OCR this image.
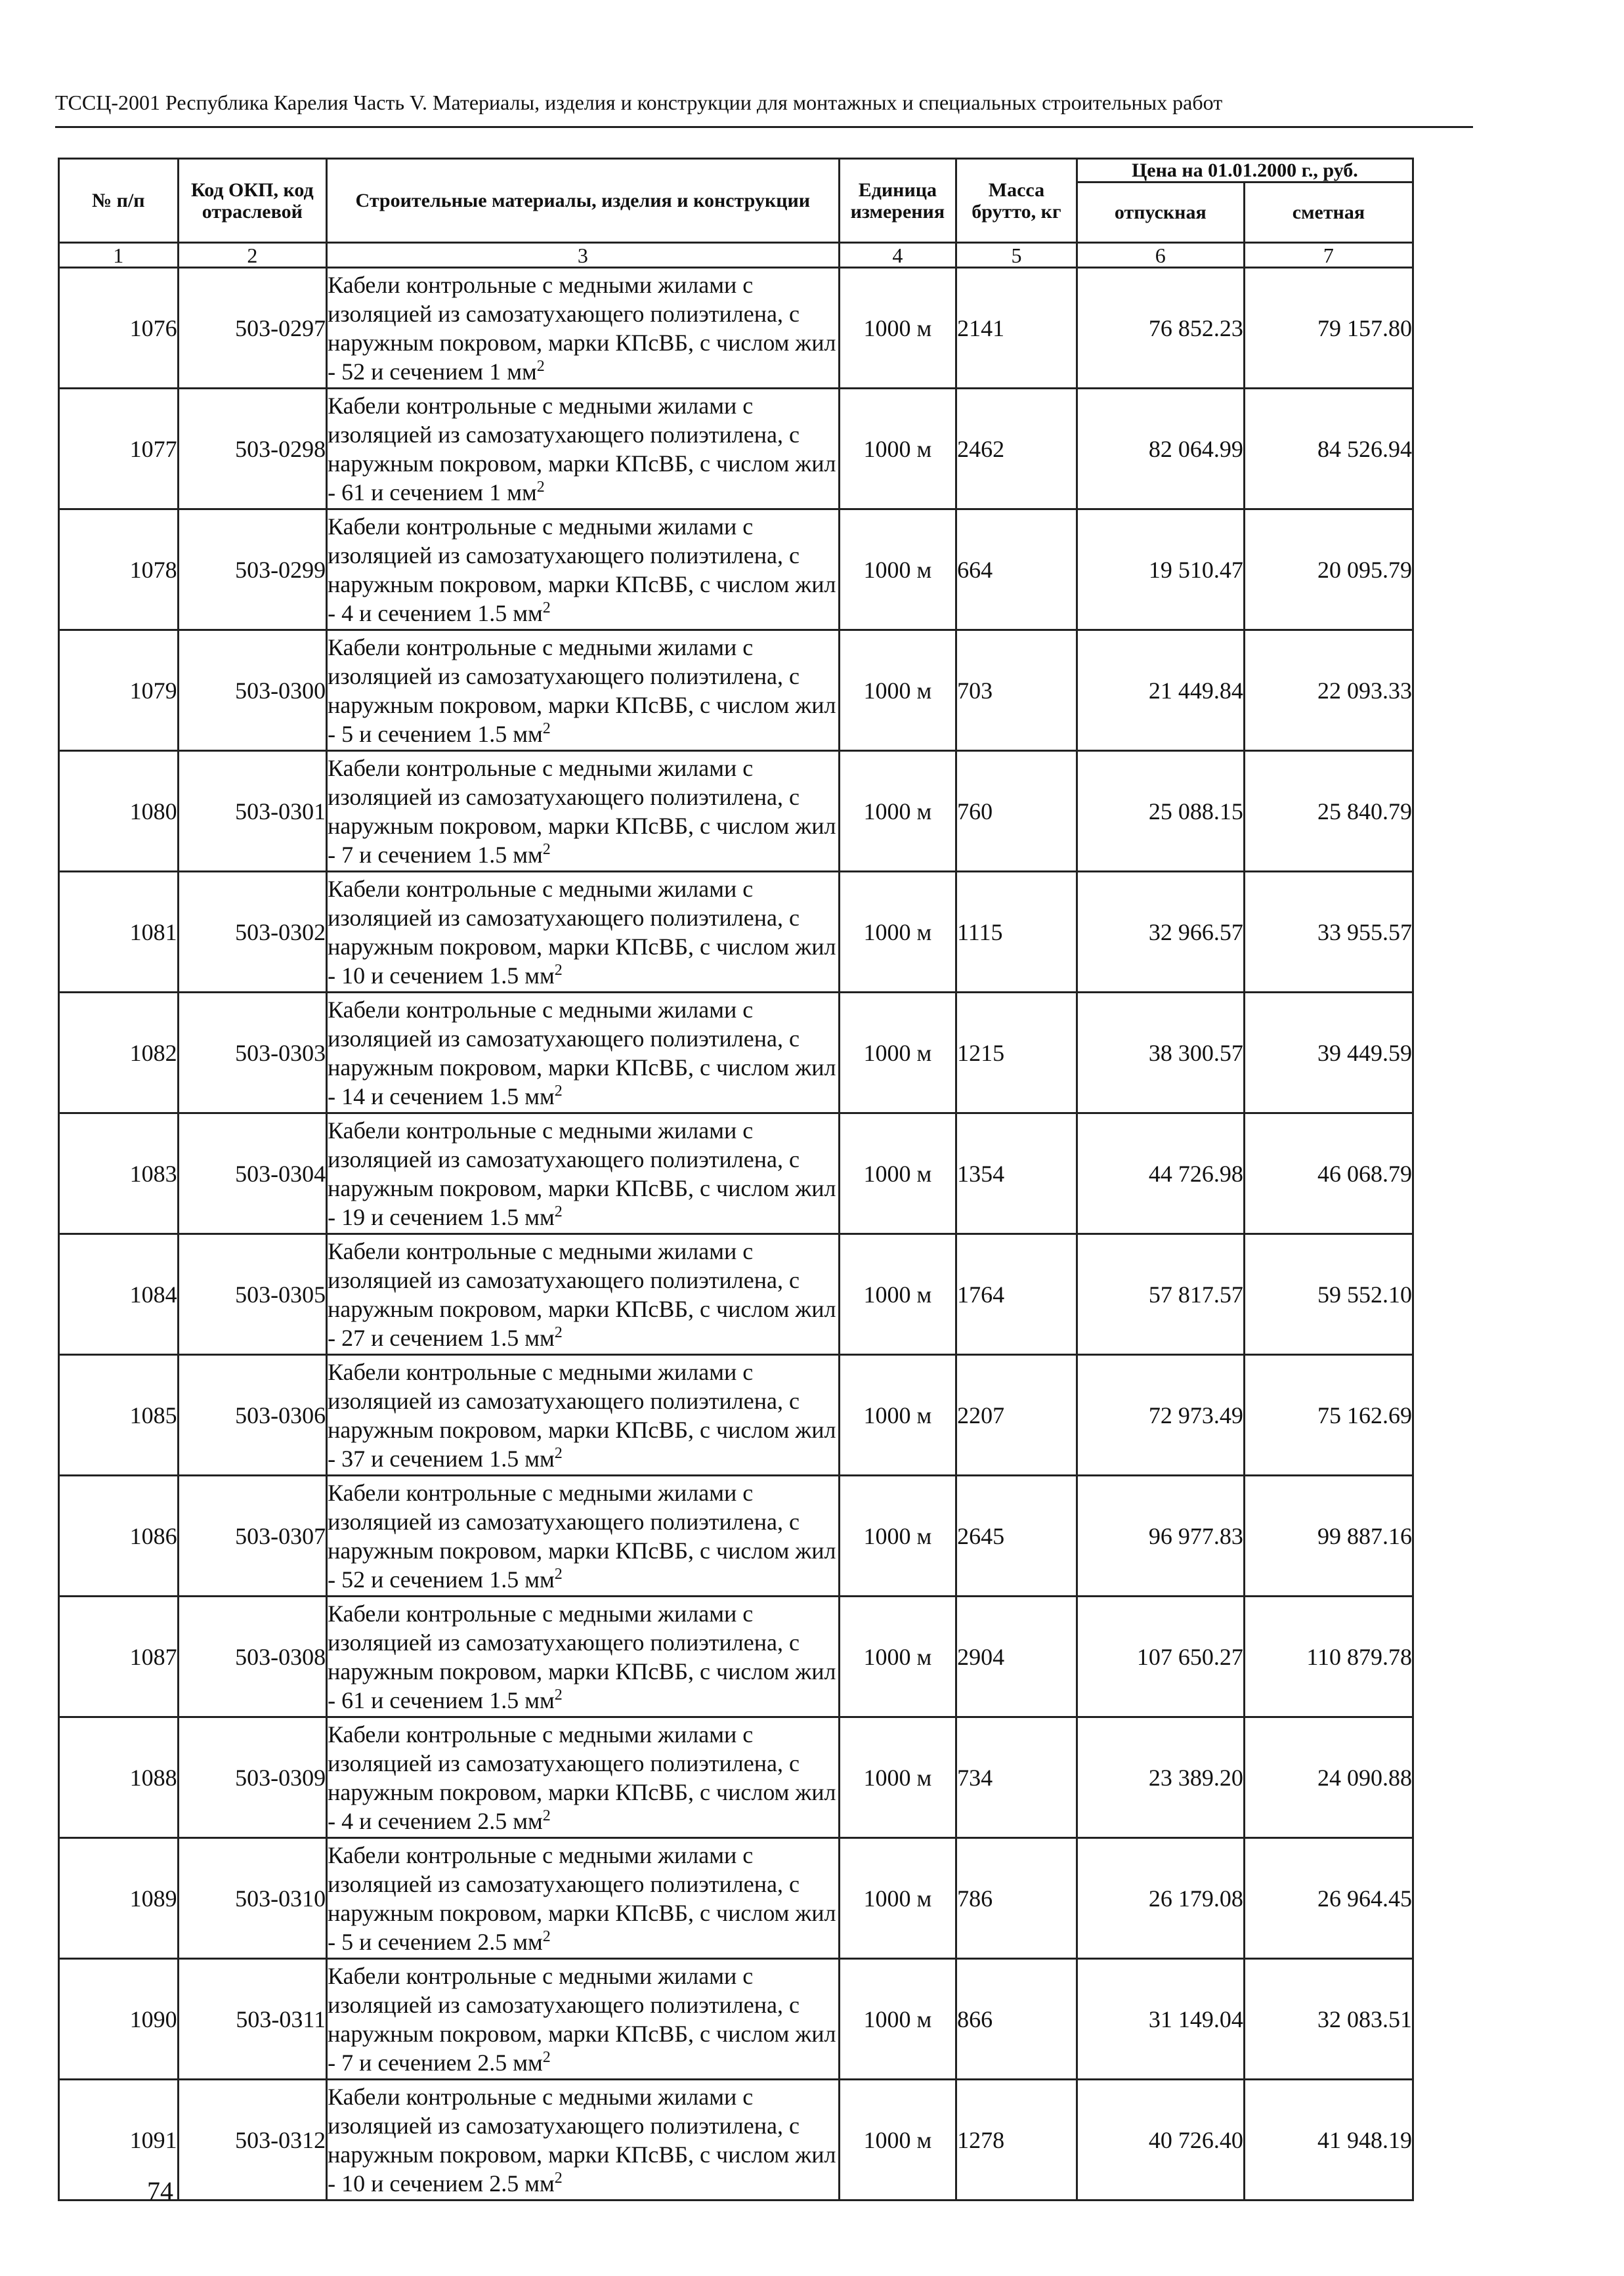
ТССЦ-2001 Республика Карелия Часть V. Материалы, изделия и конструкции для монтажных и специальных строительных работ
№ п/п	Код ОКП, код отраслевой	Строительные материалы, изделия и конструкции	Единица измерения	Масса брутто, кг	Цена на 01.01.2000 г., руб.	
					отпускная	сметная
1	2	3	4	5	6	7
1076	503-0297	Кабели контрольные с медными жилами с изоляцией из самозатухающего полиэтилена, с наружным покровом, марки КПсВБ, с числом жил - 52 и сечением 1 $мм^2$	1000 м	2141	76 852.23	79 157.80
1077	503-0298	Кабели контрольные с медными жилами с изоляцией из самозатухающего полиэтилена, с наружным покровом, марки КПсВБ, с числом жил - 61 и сечением 1 $мм^2$	1000 м	2462	82 064.99	84 526.94
1078	503-0299	Кабели контрольные с медными жилами с изоляцией из самозатухающего полиэтилена, с наружным покровом, марки КПсВБ, с числом жил - 4 и сечением 1.5 $мм^2$	1000 м	664	19 510.47	20 095.79
1079	503-0300	Кабели контрольные с медными жилами с изоляцией из самозатухающего полиэтилена, с наружным покровом, марки КПсВБ, с числом жил - 5 и сечением 1.5 $мм^2$	1000 м	703	21 449.84	22 093.33
1080	503-0301	Кабели контрольные с медными жилами с изоляцией из самозатухающего полиэтилена, с наружным покровом, марки КПсВБ, с числом жил - 7 и сечением 1.5 $мм^2$	1000 м	760	25 088.15	25 840.79
1081	503-0302	Кабели контрольные с медными жилами с изоляцией из самозатухающего полиэтилена, с наружным покровом, марки КПсВБ, с числом жил - 10 и сечением 1.5 $мм^2$	1000 м	1115	32 966.57	33 955.57
1082	503-0303	Кабели контрольные с медными жилами с изоляцией из самозатухающего полиэтилена, с наружным покровом, марки КПсВБ, с числом жил - 14 и сечением 1.5 $мм^2$	1000 м	1215	38 300.57	39 449.59
1083	503-0304	Кабели контрольные с медными жилами с изоляцией из самозатухающего полиэтилена, с наружным покровом, марки КПсВБ, с числом жил - 19 и сечением 1.5 $мм^2$	1000 м	1354	44 726.98	46 068.79
1084	503-0305	Кабели контрольные с медными жилами с изоляцией из самозатухающего полиэтилена, с наружным покровом, марки КПсВБ, с числом жил - 27 и сечением 1.5 $мм^2$	1000 м	1764	57 817.57	59 552.10
1085	503-0306	Кабели контрольные с медными жилами с изоляцией из самозатухающего полиэтилена, с наружным покровом, марки КПсВБ, с числом жил - 37 и сечением 1.5 $мм^2$	1000 м	2207	72 973.49	75 162.69
1086	503-0307	Кабели контрольные с медными жилами с изоляцией из самозатухающего полиэтилена, с наружным покровом, марки КПсВБ, с числом жил - 52 и сечением 1.5 $мм^2$	1000 м	2645	96 977.83	99 887.16
1087	503-0308	Кабели контрольные с медными жилами с изоляцией из самозатухающего полиэтилена, с наружным покровом, марки КПсВБ, с числом жил - 61 и сечением 1.5 $мм^2$	1000 м	2904	107 650.27	110 879.78
1088	503-0309	Кабели контрольные с медными жилами с изоляцией из самозатухающего полиэтилена, с наружным покровом, марки КПсВБ, с числом жил - 4 и сечением 2.5 $мм^2$	1000 м	734	23 389.20	24 090.88
1089	503-0310	Кабели контрольные с медными жилами с изоляцией из самозатухающего полиэтилена, с наружным покровом, марки КПсВБ, с числом жил - 5 и сечением 2.5 $мм^2$	1000 м	786	26 179.08	26 964.45
1090	503-0311	Кабели контрольные с медными жилами с изоляцией из самозатухающего полиэтилена, с наружным покровом, марки КПсВБ, с числом жил - 7 и сечением 2.5 $мм^2$	1000 м	866	31 149.04	32 083.51
1091	503-0312	Кабели контрольные с медными жилами с изоляцией из самозатухающего полиэтилена, с наружным покровом, марки КПсВБ, с числом жил - 10 и сечением 2.5 $мм^2$	1000 м	1278	40 726.40	41 948.19
74
